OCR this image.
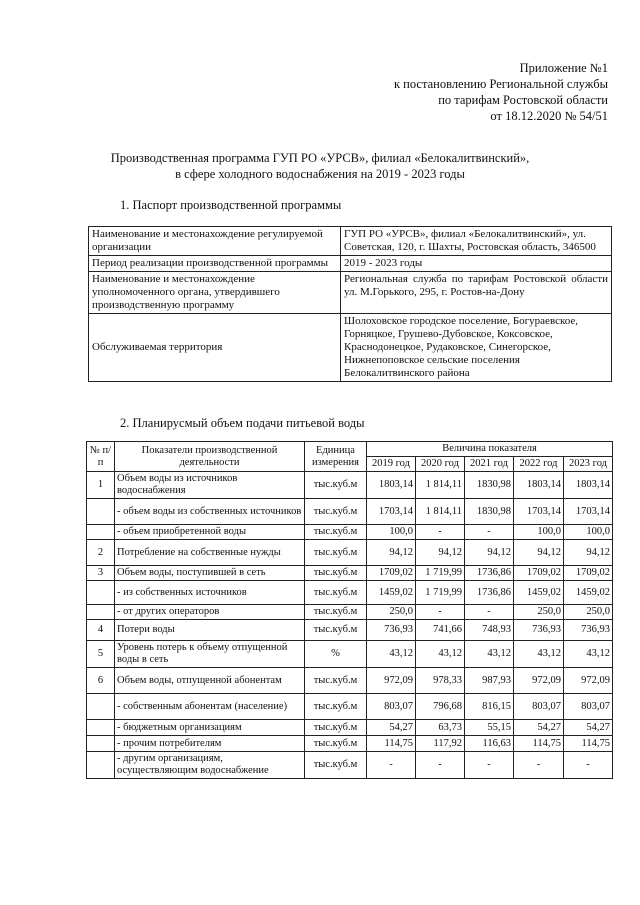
Приложение №1
к постановлению Региональной службы
по тарифам Ростовской области
от 18.12.2020 № 54/51
Производственная программа ГУП РО «УРСВ», филиал «Белокалитвинский»,
в сфере холодного водоснабжения на 2019 - 2023 годы
1. Паспорт производственной программы
Наименование и местонахождение регулируемой организации	ГУП РО «УРСВ», филиал «Белокалитвинский», ул. Советская, 120, г. Шахты, Ростовская область, 346500
Период реализации производственной программы	2019 - 2023 годы
Наименование и местонахождение уполномоченного органа, утвердившего производственную программу	Региональная служба по тарифам Ростовской области
ул. М.Горького, 295, г. Ростов-на-Дону

Обслуживаемая территория	Шолоховское городское поселение, Богураевское, Горняцкое, Грушево-Дубовское, Коксовское, Краснодонецкое, Рудаковское, Синегорское, Нижнепоповское сельские поселения Белокалитвинского района
2. Планирусмый объем подачи питьевой воды
№ п/п	Показатели производственной деятельности	Единица измерения	Величина показателя				
			2019 год	2020 год	2021 год	2022 год	2023 год
1	Объем воды из источников водоснабжения	тыс.куб.м	1803,14	1 814,11	1830,98	1803,14	1803,14
	- объем воды из собственных источников	тыс.куб.м	1703,14	1 814,11	1830,98	1703,14	1703,14
	- объем приобретенной воды	тыс.куб.м	100,0	-	-	100,0	100,0
2	Потребление на собственные нужды	тыс.куб.м	94,12	94,12	94,12	94,12	94,12
3	Объем воды, поступившей в сеть	тыс.куб.м	1709,02	1 719,99	1736,86	1709,02	1709,02
	- из собственных источников	тыс.куб.м	1459,02	1 719,99	1736,86	1459,02	1459,02
	- от других операторов	тыс.куб.м	250,0	-	-	250,0	250,0
4	Потери воды	тыс.куб.м	736,93	741,66	748,93	736,93	736,93
5	Уровень потерь к объему отпущенной воды в сеть	%	43,12	43,12	43,12	43,12	43,12
6	Объем воды, отпущенной абонентам	тыс.куб.м	972,09	978,33	987,93	972,09	972,09
	- собственным абонентам (население)	тыс.куб.м	803,07	796,68	816,15	803,07	803,07
	- бюджетным организациям	тыс.куб.м	54,27	63,73	55,15	54,27	54,27
	- прочим потребителям	тыс.куб.м	114,75	117,92	116,63	114,75	114,75
	- другим организациям, осуществляющим водоснабжение	тыс.куб.м	-	-	-	-	-
